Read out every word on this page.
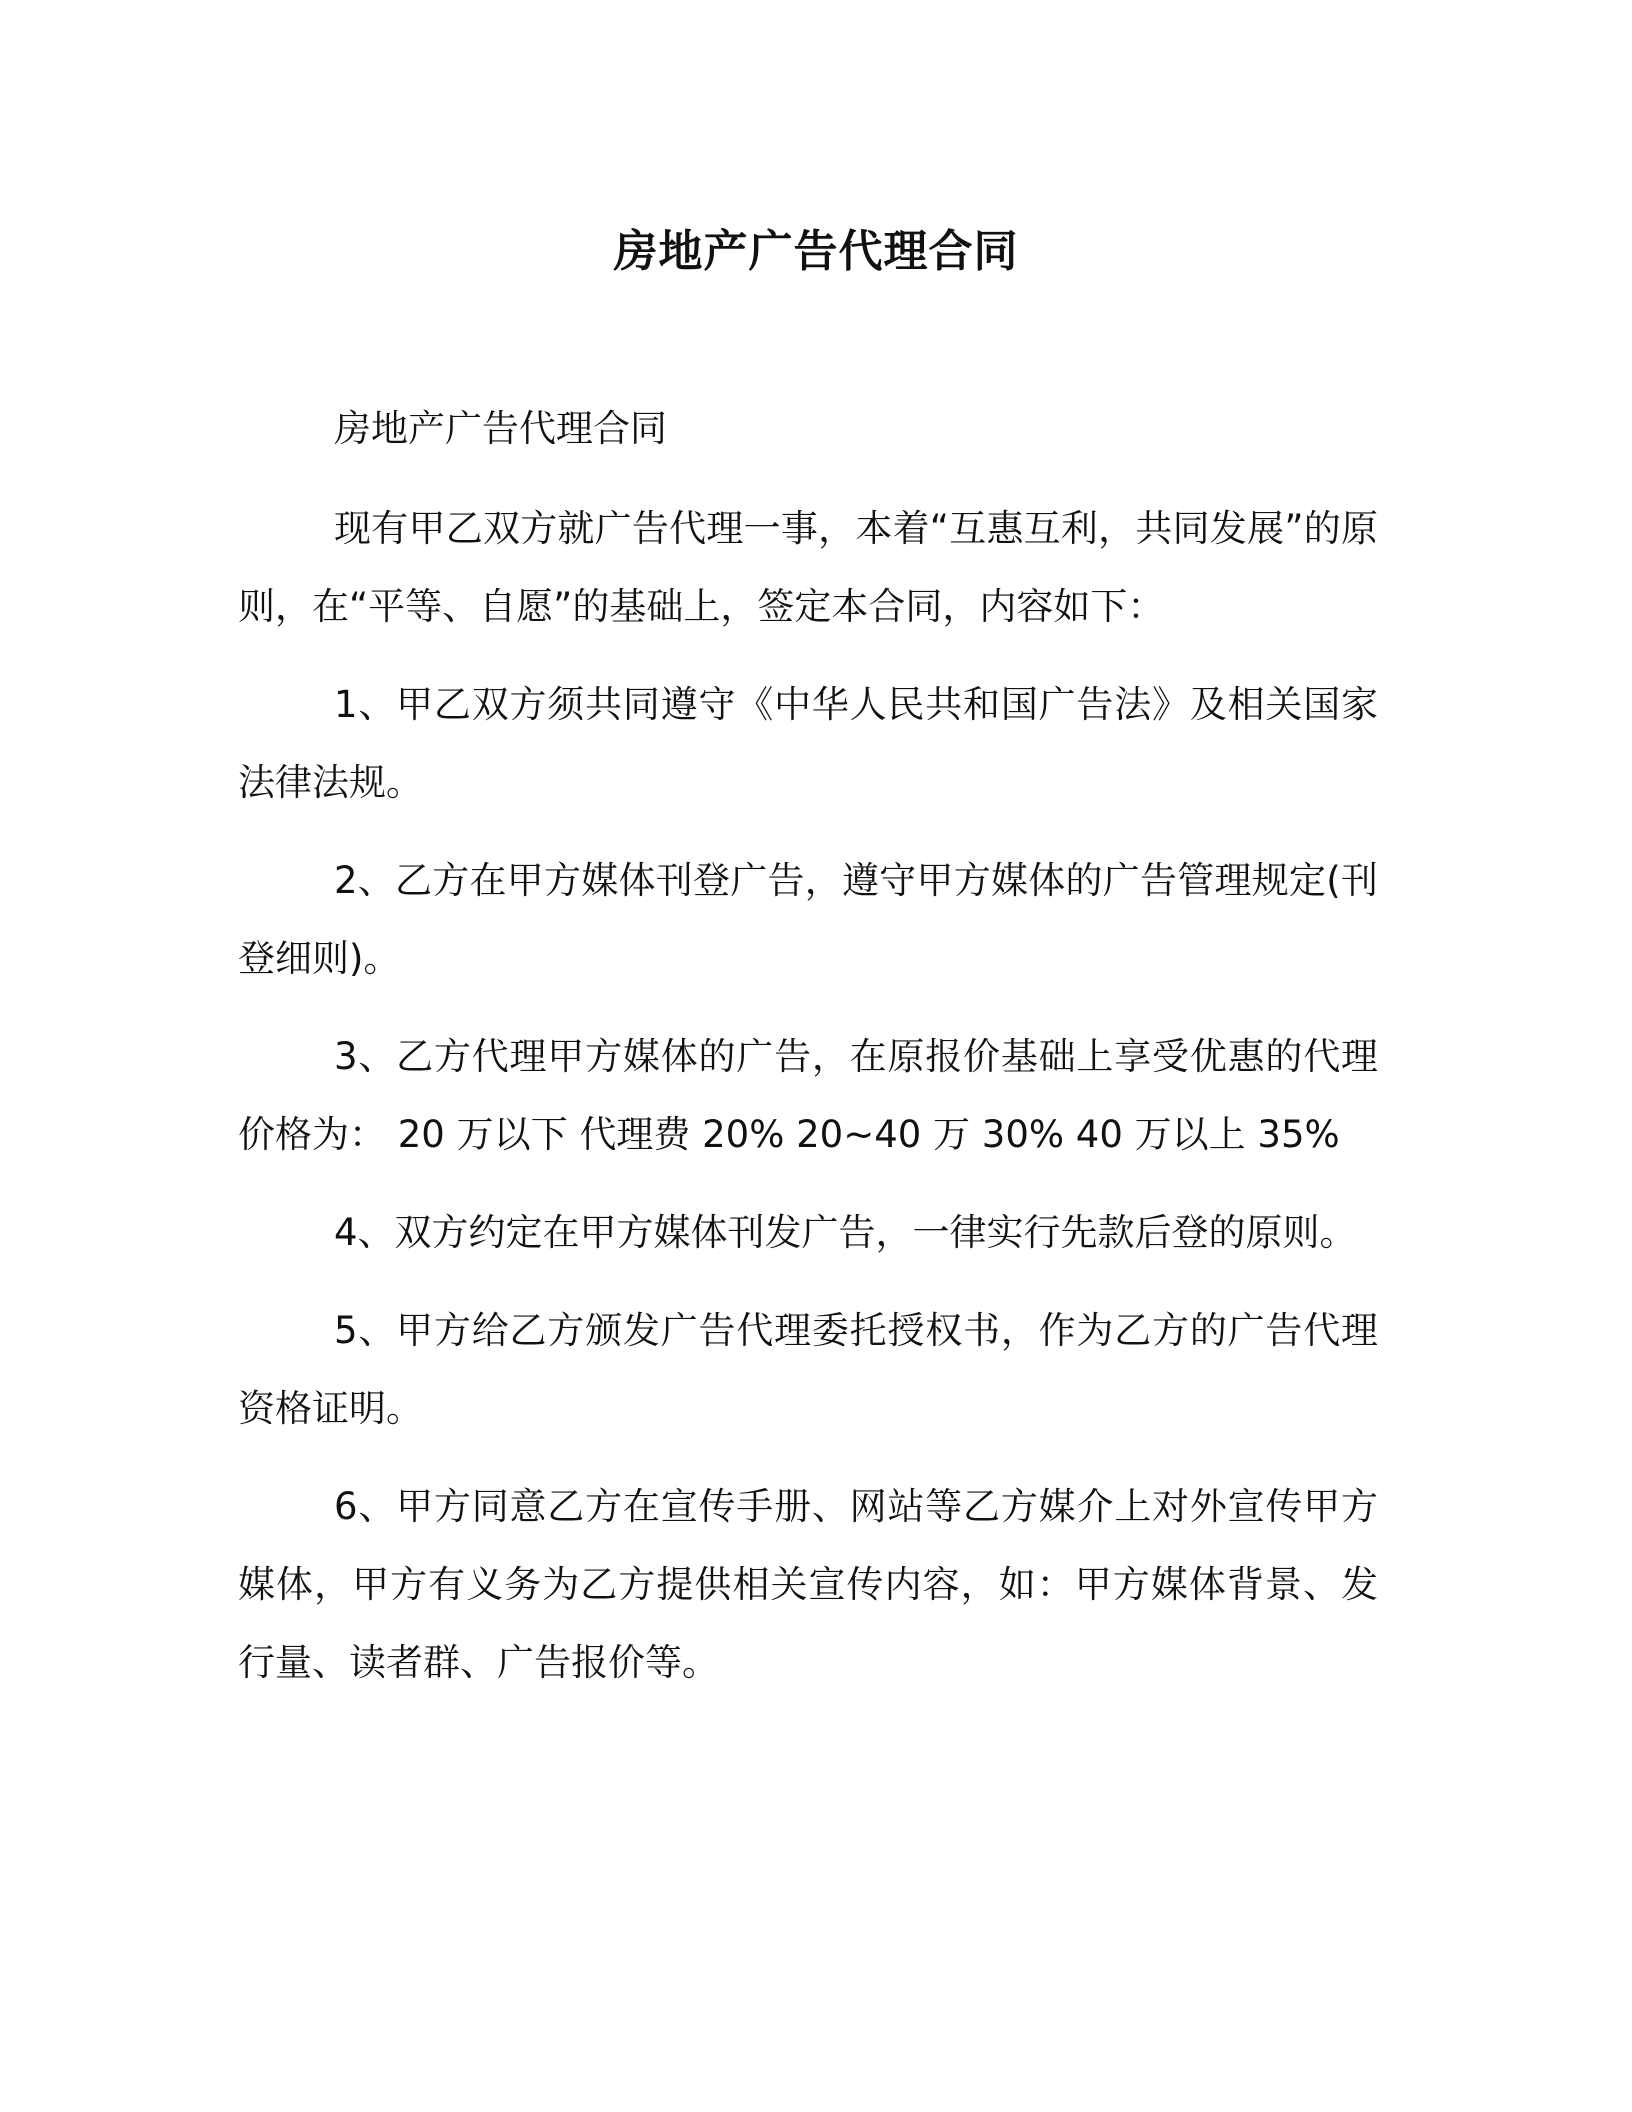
房地产广告代理合同

房地产广告代理合同

现有甲乙双方就广告代理一事，本着“互惠互利，共同发展”的原则，在“平等、自愿”的基础上，签定本合同，内容如下：

1、甲乙双方须共同遵守《中华人民共和国广告法》及相关国家法律法规。

2、乙方在甲方媒体刊登广告，遵守甲方媒体的广告管理规定(刊登细则)。

3、乙方代理甲方媒体的广告，在原报价基础上享受优惠的代理价格为： 20 万以下 代理费 20% 20~40 万 30% 40 万以上 35%

4、双方约定在甲方媒体刊发广告，一律实行先款后登的原则。

5、甲方给乙方颁发广告代理委托授权书，作为乙方的广告代理资格证明。

6、甲方同意乙方在宣传手册、网站等乙方媒介上对外宣传甲方媒体，甲方有义务为乙方提供相关宣传内容，如：甲方媒体背景、发行量、读者群、广告报价等。
